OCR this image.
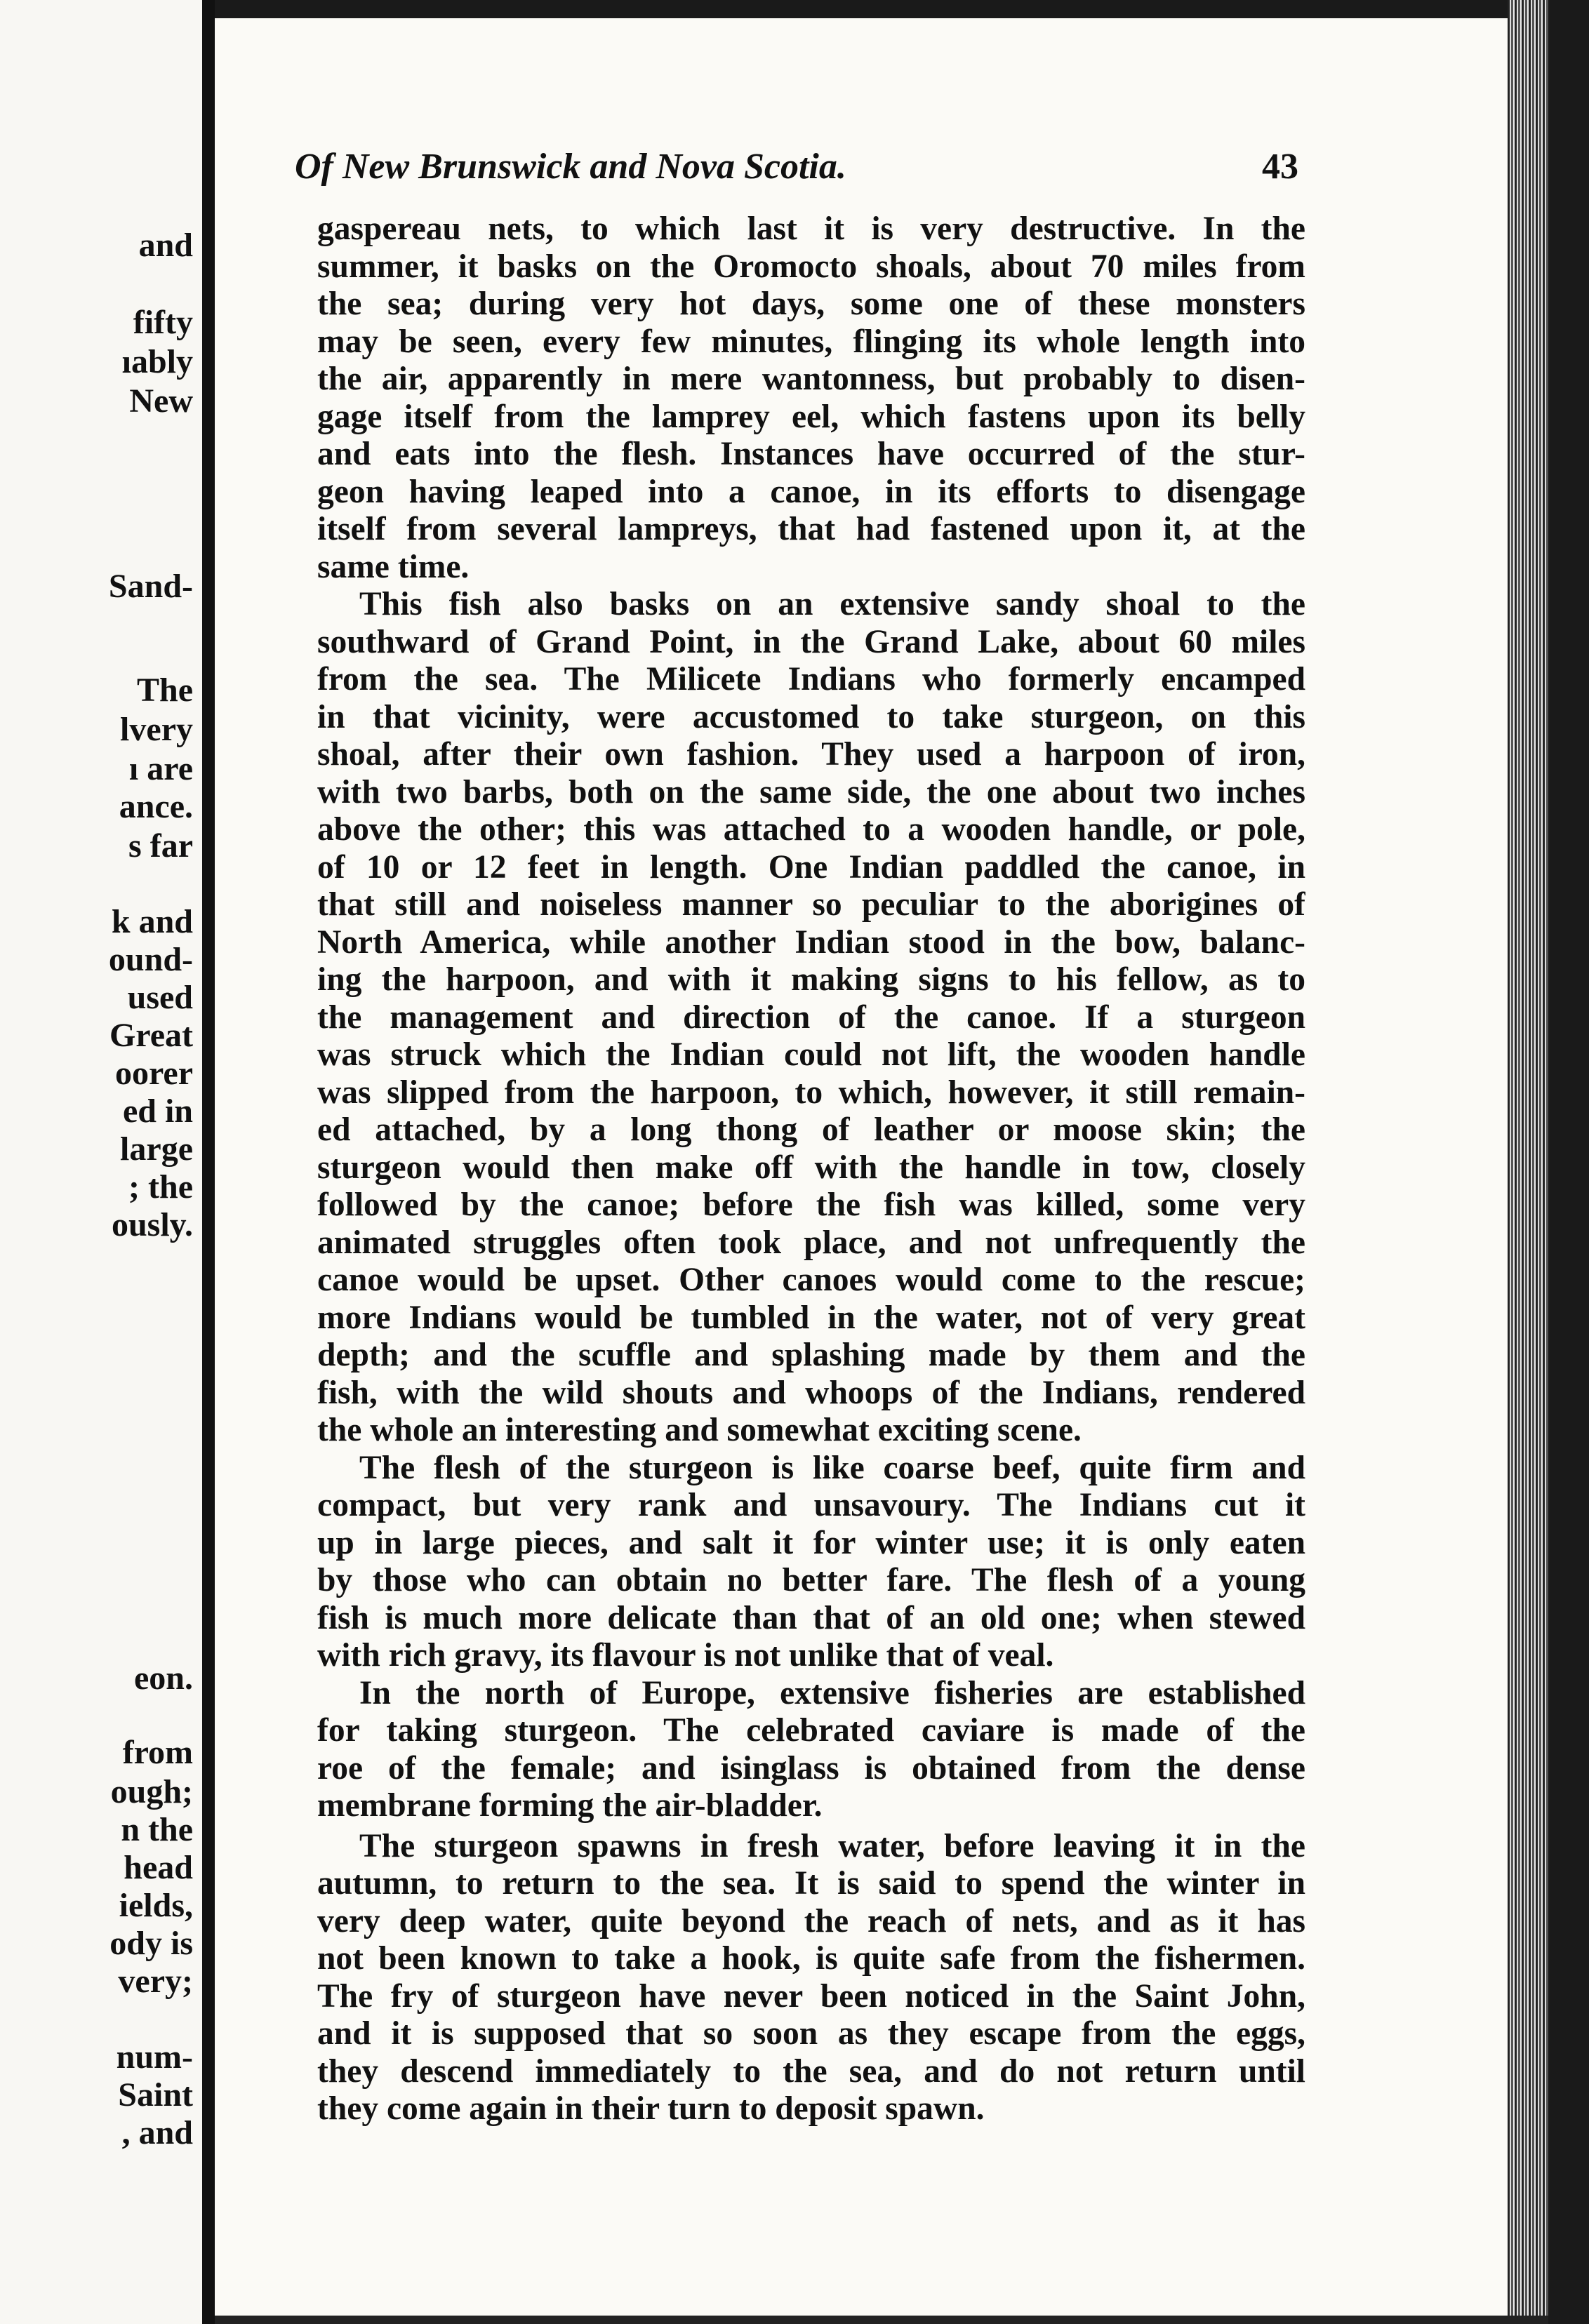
and
fifty
ıably
New
Sand-
The
lvery
ı are
ance.
s far
k and
ound-
used
Great
oorer
ed in
large
; the
ously.
eon.
from
ough;
n the
head
ields,
ody is
very;
num-
Saint
, and
Of New Brunswick and Nova Scotia.	43
gaspereau nets, to which last it is very destructive. In the
summer, it basks on the Oromocto shoals, about 70 miles from
the sea; during very hot days, some one of these monsters
may be seen, every few minutes, flinging its whole length into
the air, apparently in mere wantonness, but probably to disen-
gage itself from the lamprey eel, which fastens upon its belly
and eats into the flesh. Instances have occurred of the stur-
geon having leaped into a canoe, in its efforts to disengage
itself from several lampreys, that had fastened upon it, at the
same time.
This fish also basks on an extensive sandy shoal to the
southward of Grand Point, in the Grand Lake, about 60 miles
from the sea. The Milicete Indians who formerly encamped
in that vicinity, were accustomed to take sturgeon, on this
shoal, after their own fashion. They used a harpoon of iron,
with two barbs, both on the same side, the one about two inches
above the other; this was attached to a wooden handle, or pole,
of 10 or 12 feet in length. One Indian paddled the canoe, in
that still and noiseless manner so peculiar to the aborigines of
North America, while another Indian stood in the bow, balanc-
ing the harpoon, and with it making signs to his fellow, as to
the management and direction of the canoe. If a sturgeon
was struck which the Indian could not lift, the wooden handle
was slipped from the harpoon, to which, however, it still remain-
ed attached, by a long thong of leather or moose skin; the
sturgeon would then make off with the handle in tow, closely
followed by the canoe; before the fish was killed, some very
animated struggles often took place, and not unfrequently the
canoe would be upset. Other canoes would come to the rescue;
more Indians would be tumbled in the water, not of very great
depth; and the scuffle and splashing made by them and the
fish, with the wild shouts and whoops of the Indians, rendered
the whole an interesting and somewhat exciting scene.
The flesh of the sturgeon is like coarse beef, quite firm and
compact, but very rank and unsavoury. The Indians cut it
up in large pieces, and salt it for winter use; it is only eaten
by those who can obtain no better fare. The flesh of a young
fish is much more delicate than that of an old one; when stewed
with rich gravy, its flavour is not unlike that of veal.
In the north of Europe, extensive fisheries are established
for taking sturgeon. The celebrated caviare is made of the
roe of the female; and isinglass is obtained from the dense
membrane forming the air-bladder.
The sturgeon spawns in fresh water, before leaving it in the
autumn, to return to the sea. It is said to spend the winter in
very deep water, quite beyond the reach of nets, and as it has
not been known to take a hook, is quite safe from the fishermen.
The fry of sturgeon have never been noticed in the Saint John,
and it is supposed that so soon as they escape from the eggs,
they descend immediately to the sea, and do not return until
they come again in their turn to deposit spawn.
